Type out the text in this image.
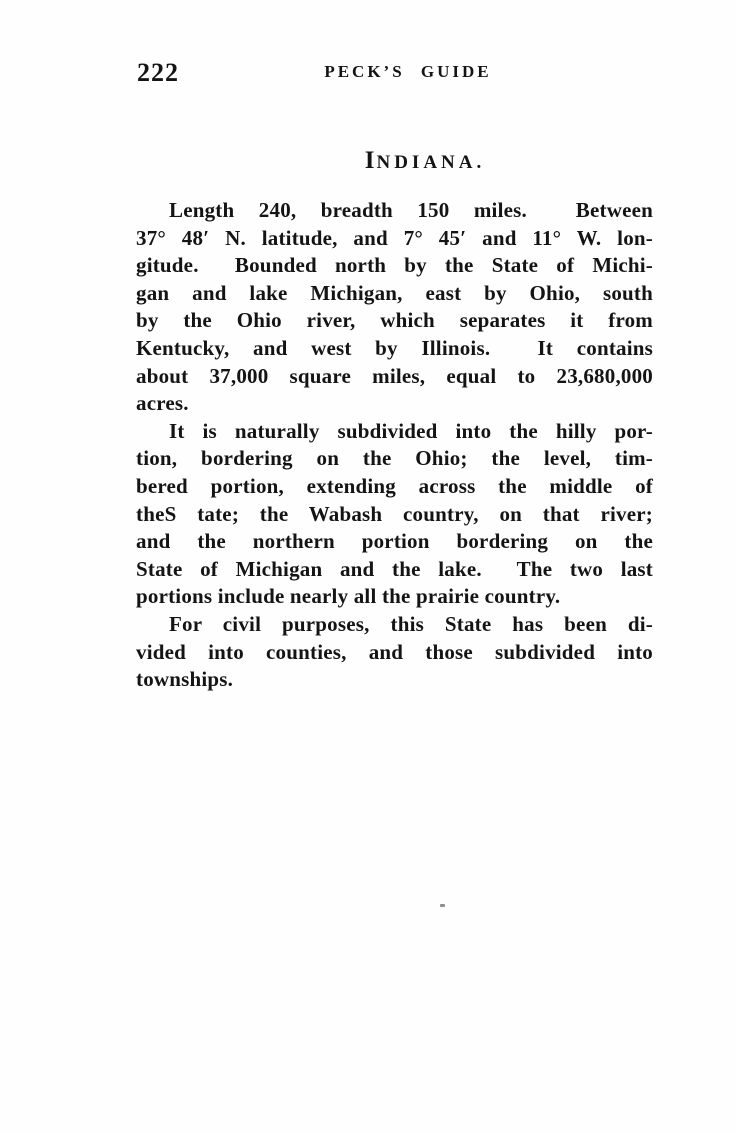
222	PECK’S GUIDE
INDIANA.
Length 240, breadth 150 miles.  Between
37° 48′ N. latitude, and 7° 45′ and 11° W. lon-
gitude.  Bounded north by the State of Michi-
gan and lake Michigan, east by Ohio, south
by the Ohio river, which separates it from
Kentucky, and west by Illinois.  It contains
about 37,000 square miles, equal to 23,680,000
acres.
It is naturally subdivided into the hilly por-
tion, bordering on the Ohio; the level, tim-
bered portion, extending across the middle of
theS tate; the Wabash country, on that river;
and the northern portion bordering on the
State of Michigan and the lake.  The two last
portions include nearly all the prairie country.
For civil purposes, this State has been di-
vided into counties, and those subdivided into
townships.
